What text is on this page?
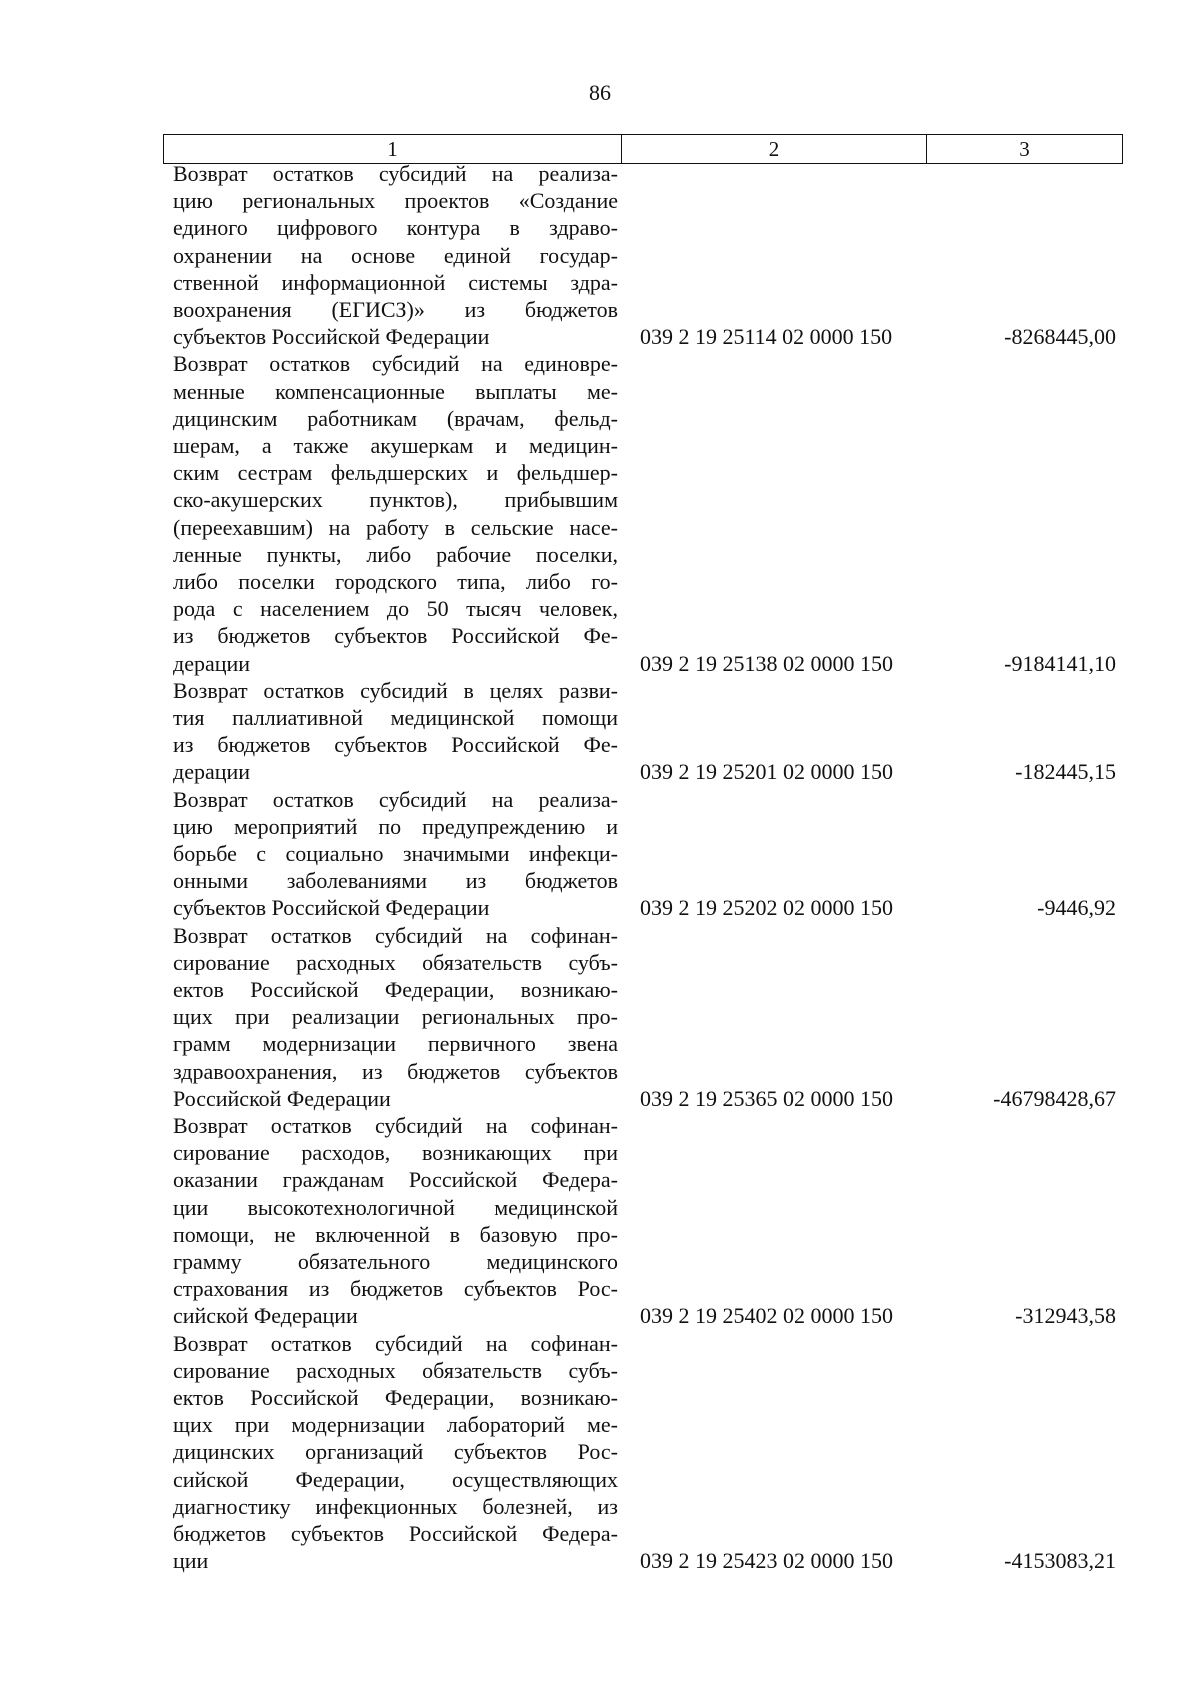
86
1	2	3
Возврат остатков субсидий на реализа-
цию региональных проектов «Создание
единого цифрового контура в здраво-
охранении на основе единой государ-
ственной информационной системы здра-
воохранения (ЕГИСЗ)» из бюджетов
субъектов Российской Федерации	039 2 19 25114 02 0000 150	-8268445,00
Возврат остатков субсидий на единовре-
менные компенсационные выплаты ме-
дицинским работникам (врачам, фельд-
шерам, а также акушеркам и медицин-
ским сестрам фельдшерских и фельдшер-
ско-акушерских пунктов), прибывшим
(переехавшим) на работу в сельские насе-
ленные пункты, либо рабочие поселки,
либо поселки городского типа, либо го-
рода с населением до 50 тысяч человек,
из бюджетов субъектов Российской Фе-
дерации	039 2 19 25138 02 0000 150	-9184141,10
Возврат остатков субсидий в целях разви-
тия паллиативной медицинской помощи
из бюджетов субъектов Российской Фе-
дерации	039 2 19 25201 02 0000 150	-182445,15
Возврат остатков субсидий на реализа-
цию мероприятий по предупреждению и
борьбе с социально значимыми инфекци-
онными заболеваниями из бюджетов
субъектов Российской Федерации	039 2 19 25202 02 0000 150	-9446,92
Возврат остатков субсидий на софинан-
сирование расходных обязательств субъ-
ектов Российской Федерации, возникаю-
щих при реализации региональных про-
грамм модернизации первичного звена
здравоохранения, из бюджетов субъектов
Российской Федерации	039 2 19 25365 02 0000 150	-46798428,67
Возврат остатков субсидий на софинан-
сирование расходов, возникающих при
оказании гражданам Российской Федера-
ции высокотехнологичной медицинской
помощи, не включенной в базовую про-
грамму обязательного медицинского
страхования из бюджетов субъектов Рос-
сийской Федерации	039 2 19 25402 02 0000 150	-312943,58
Возврат остатков субсидий на софинан-
сирование расходных обязательств субъ-
ектов Российской Федерации, возникаю-
щих при модернизации лабораторий ме-
дицинских организаций субъектов Рос-
сийской Федерации, осуществляющих
диагностику инфекционных болезней, из
бюджетов субъектов Российской Федера-
ции	039 2 19 25423 02 0000 150	-4153083,21
